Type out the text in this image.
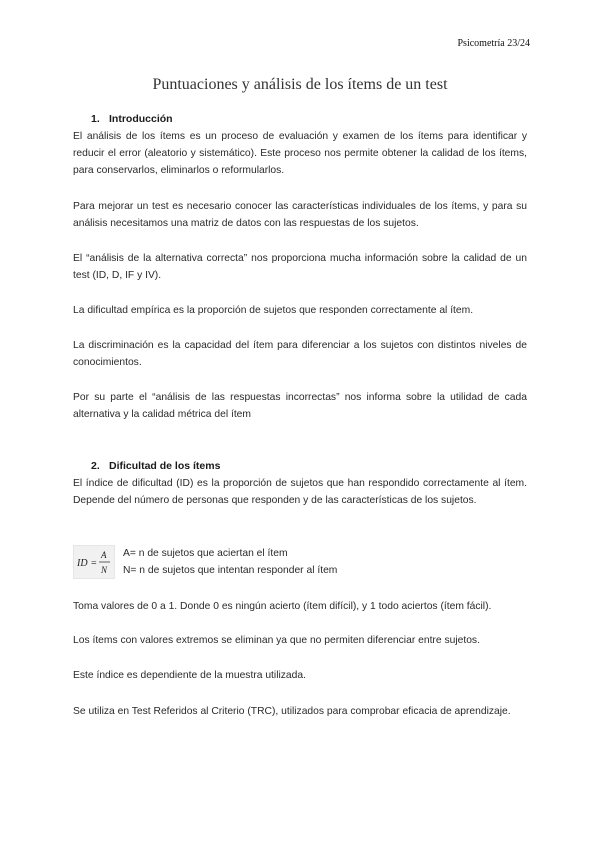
Psicometría 23/24
Puntuaciones y análisis de los ítems de un test
1. Introducción

El análisis de los ítems es un proceso de evaluación y examen de los ítems para identificar y reducir el error (aleatorio y sistemático). Este proceso nos permite obtener la calidad de los ítems, para conservarlos, eliminarlos o reformularlos.

Para mejorar un test es necesario conocer las características individuales de los ítems, y para su análisis necesitamos una matriz de datos con las respuestas de los sujetos.

El “análisis de la alternativa correcta” nos proporciona mucha información sobre la calidad de un test (ID, D, IF y IV).

La dificultad empírica es la proporción de sujetos que responden correctamente al ítem.

La discriminación es la capacidad del ítem para diferenciar a los sujetos con distintos niveles de conocimientos.

Por su parte el “análisis de las respuestas incorrectas” nos informa sobre la utilidad de cada alternativa y la calidad métrica del ítem

2. Dificultad de los ítems

El índice de dificultad (ID) es la proporción de sujetos que han respondido correctamente al ítem. Depende del número de personas que responden y de las características de los sujetos.

ID =
A
N
A= n de sujetos que aciertan el ítem
N= n de sujetos que intentan responder al ítem

Toma valores de 0 a 1. Donde 0 es ningún acierto (ítem difícil), y 1 todo aciertos (ítem fácil).

Los ítems con valores extremos se eliminan ya que no permiten diferenciar entre sujetos.

Este índice es dependiente de la muestra utilizada.

Se utiliza en Test Referidos al Criterio (TRC), utilizados para comprobar eficacia de aprendizaje.
